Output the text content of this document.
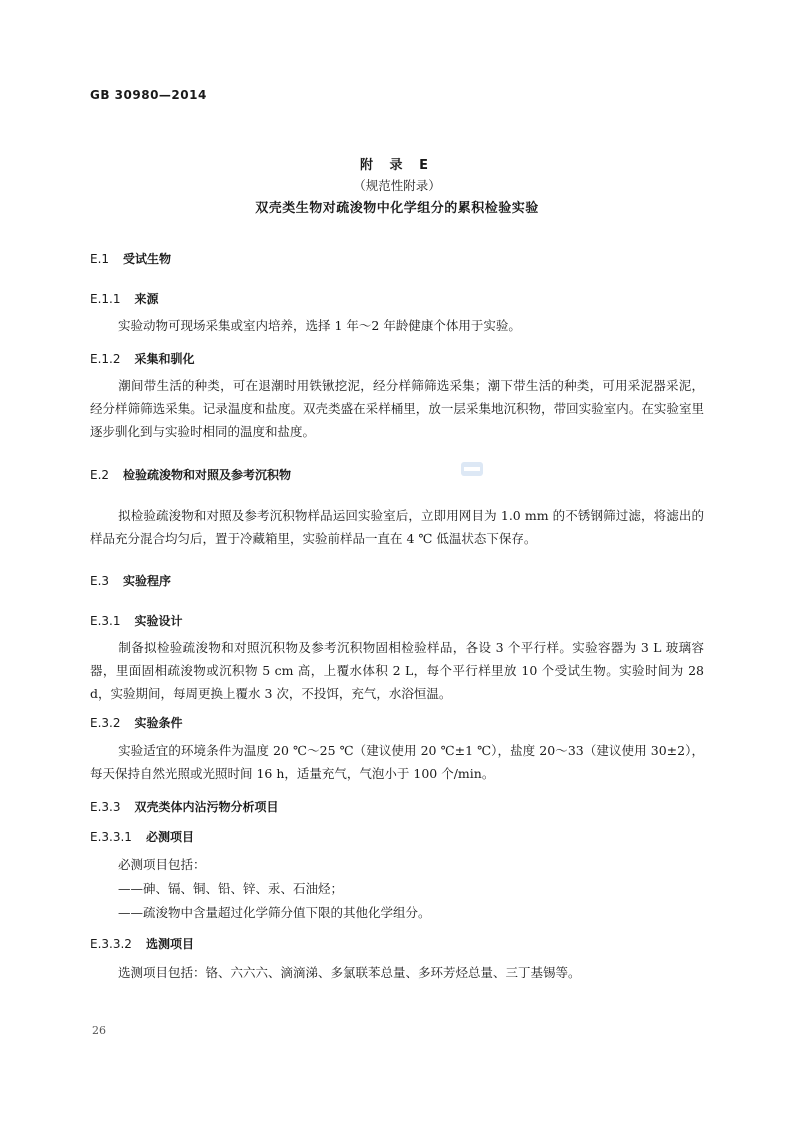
GB 30980—2014
附 录 E
（规范性附录）
双壳类生物对疏浚物中化学组分的累积检验实验
E.1 受试生物
E.1.1 来源
实验动物可现场采集或室内培养，选择 1 年～2 年龄健康个体用于实验。
E.1.2 采集和驯化
潮间带生活的种类，可在退潮时用铁锹挖泥，经分样筛筛选采集；潮下带生活的种类，可用采泥器采泥，经分样筛筛选采集。记录温度和盐度。双壳类盛在采样桶里，放一层采集地沉积物，带回实验室内。在实验室里逐步驯化到与实验时相同的温度和盐度。
E.2 检验疏浚物和对照及参考沉积物
拟检验疏浚物和对照及参考沉积物样品运回实验室后，立即用网目为 1.0 mm 的不锈钢筛过滤，将滤出的样品充分混合均匀后，置于冷藏箱里，实验前样品一直在 4 ℃ 低温状态下保存。
E.3 实验程序
E.3.1 实验设计
制备拟检验疏浚物和对照沉积物及参考沉积物固相检验样品，各设 3 个平行样。实验容器为 3 L 玻璃容器，里面固相疏浚物或沉积物 5 cm 高，上覆水体积 2 L，每个平行样里放 10 个受试生物。实验时间为 28 d，实验期间，每周更换上覆水 3 次，不投饵，充气，水浴恒温。
E.3.2 实验条件
实验适宜的环境条件为温度 20 ℃～25 ℃（建议使用 20 ℃±1 ℃），盐度 20～33（建议使用 30±2），每天保持自然光照或光照时间 16 h，适量充气，气泡小于 100 个/min。
E.3.3 双壳类体内沾污物分析项目
E.3.3.1 必测项目
必测项目包括：
——砷、镉、铜、铅、锌、汞、石油烃；
——疏浚物中含量超过化学筛分值下限的其他化学组分。
E.3.3.2 选测项目
选测项目包括：铬、六六六、滴滴涕、多氯联苯总量、多环芳烃总量、三丁基锡等。
26
